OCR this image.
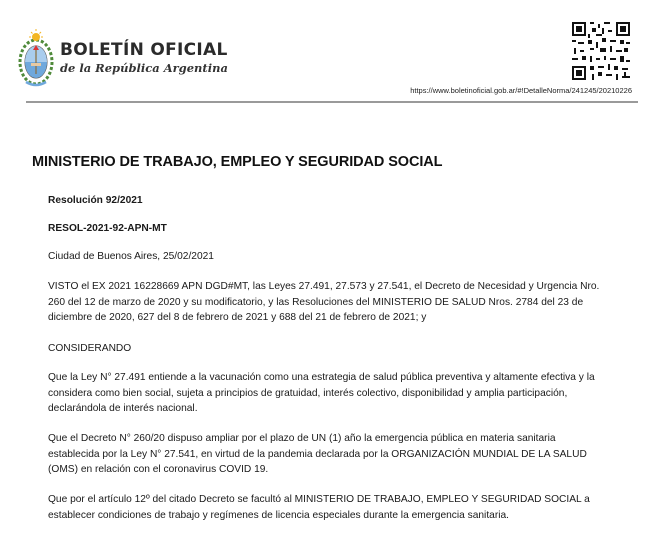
BOLETÍN OFICIAL
de la República Argentina
https://www.boletinoficial.gob.ar/#!DetalleNorma/241245/20210226
MINISTERIO DE TRABAJO, EMPLEO Y SEGURIDAD SOCIAL
Resolución 92/2021
RESOL-2021-92-APN-MT
Ciudad de Buenos Aires, 25/02/2021
VISTO el EX 2021 16228669 APN DGD#MT, las Leyes 27.491, 27.573 y 27.541, el Decreto de Necesidad y Urgencia Nro. 260 del 12 de marzo de 2020 y su modificatorio, y las Resoluciones del MINISTERIO DE SALUD Nros. 2784 del 23 de diciembre de 2020, 627 del 8 de febrero de 2021 y 688 del 21 de febrero de 2021; y
CONSIDERANDO
Que la Ley N° 27.491 entiende a la vacunación como una estrategia de salud pública preventiva y altamente efectiva y la considera como bien social, sujeta a principios de gratuidad, interés colectivo, disponibilidad y amplia participación, declarándola de interés nacional.
Que el Decreto N° 260/20 dispuso ampliar por el plazo de UN (1) año la emergencia pública en materia sanitaria establecida por la Ley N° 27.541, en virtud de la pandemia declarada por la ORGANIZACIÓN MUNDIAL DE LA SALUD (OMS) en relación con el coronavirus COVID 19.
Que por el artículo 12º del citado Decreto se facultó al MINISTERIO DE TRABAJO, EMPLEO Y SEGURIDAD SOCIAL a establecer condiciones de trabajo y regímenes de licencia especiales durante la emergencia sanitaria.
